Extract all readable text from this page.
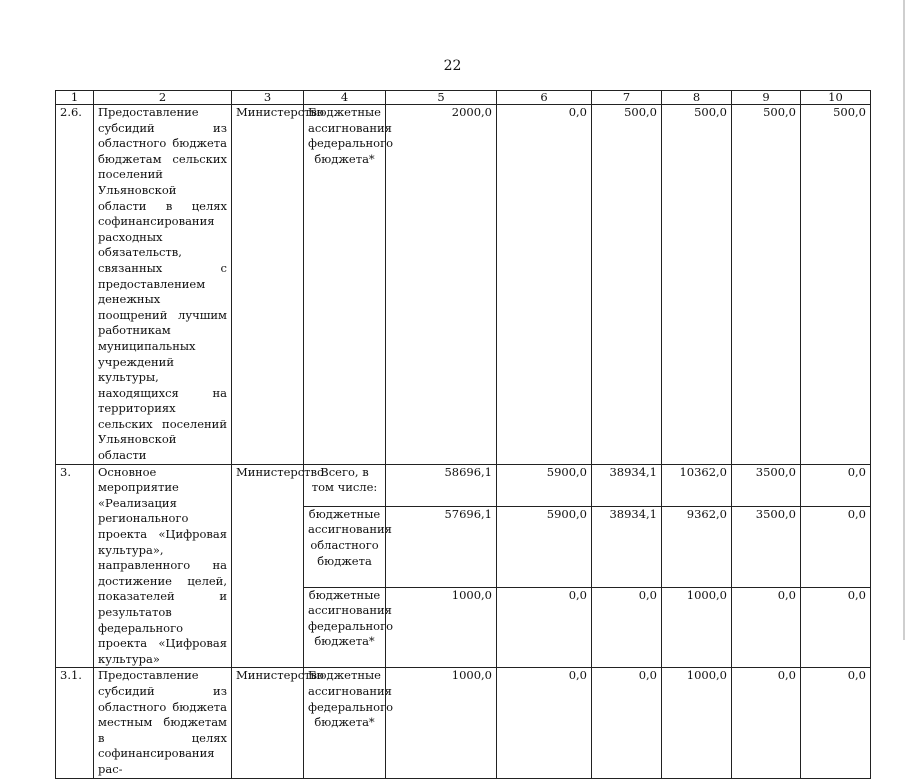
22
1	2	3	4	5	6	7	8	9	10
2.6.	Предоставление субсидий из областного бюджета бюджетам сельских поселений Ульяновской области в целях софинансирования расходных обязательств, связанных с предоставлением денежных поощрений лучшим работникам муниципальных учреждений культуры, находящихся на территориях сельских поселений Ульяновской области	Министерство	Бюджетные ассигнования федерального бюджета*	2000,0	0,0	500,0	500,0	500,0	500,0
3.	Основное мероприятие «Реализация регионального проекта «Цифровая культура», направленного на достижение целей, показателей и результатов федерального проекта «Цифровая культура»	Министерство	Всего, в том числе:	58696,1	5900,0	38934,1	10362,0	3500,0	0,0
			бюджетные ассигнования областного бюджета	57696,1	5900,0	38934,1	9362,0	3500,0	0,0
			бюджетные ассигнования федерального бюджета*	1000,0	0,0	0,0	1000,0	0,0	0,0
3.1.	Предоставление субсидий из областного бюджета местным бюджетам в целях софинансирования рас-	Министерство	Бюджетные ассигнования федерального бюджета*	1000,0	0,0	0,0	1000,0	0,0	0,0
